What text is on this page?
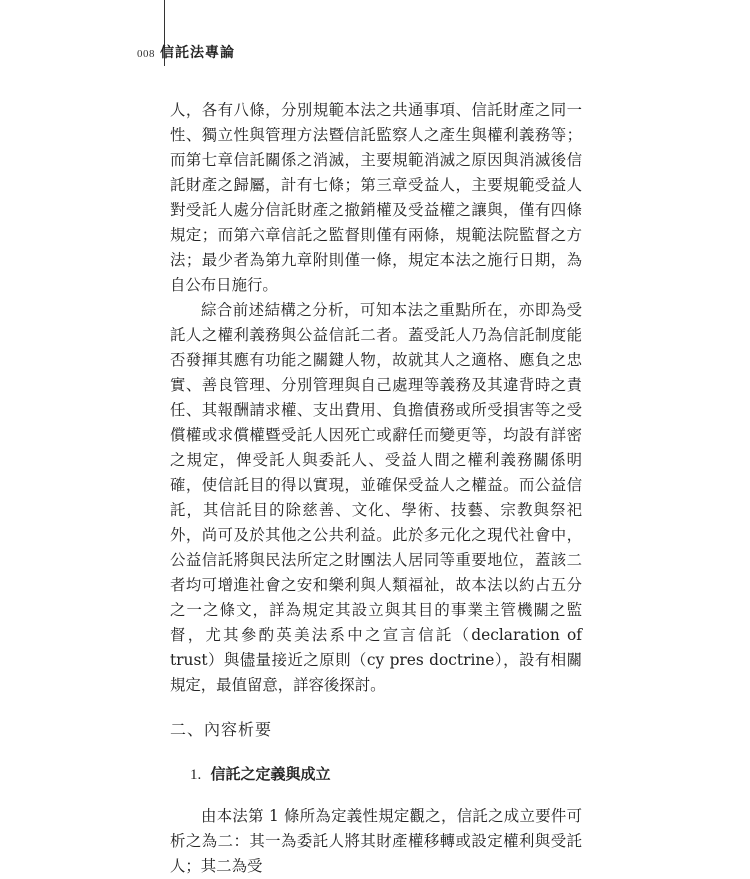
008 信託法專論

人，各有八條，分別規範本法之共通事項、信託財產之同一性、獨立性與管理方法暨信託監察人之產生與權利義務等；而第七章信託關係之消滅，主要規範消滅之原因與消滅後信託財產之歸屬，計有七條；第三章受益人，主要規範受益人對受託人處分信託財產之撤銷權及受益權之讓與，僅有四條規定；而第六章信託之監督則僅有兩條，規範法院監督之方法；最少者為第九章附則僅一條，規定本法之施行日期，為自公布日施行。

綜合前述結構之分析，可知本法之重點所在，亦即為受託人之權利義務與公益信託二者。蓋受託人乃為信託制度能否發揮其應有功能之關鍵人物，故就其人之適格、應負之忠實、善良管理、分別管理與自己處理等義務及其違背時之責任、其報酬請求權、支出費用、負擔債務或所受損害等之受償權或求償權暨受託人因死亡或辭任而變更等，均設有詳密之規定，俾受託人與委託人、受益人間之權利義務關係明確，使信託目的得以實現，並確保受益人之權益。而公益信託，其信託目的除慈善、文化、學術、技藝、宗教與祭祀外，尚可及於其他之公共利益。此於多元化之現代社會中，公益信託將與民法所定之財團法人居同等重要地位，蓋該二者均可增進社會之安和樂利與人類福祉，故本法以約占五分之一之條文，詳為規定其設立與其目的事業主管機關之監督，尤其參酌英美法系中之宣言信託（declaration of trust）與儘量接近之原則（cy pres doctrine），設有相關規定，最值留意，詳容後探討。

二、內容析要
1. 信託之定義與成立

由本法第 1 條所為定義性規定觀之，信託之成立要件可析之為二：其一為委託人將其財產權移轉或設定權利與受託人；其二為受
